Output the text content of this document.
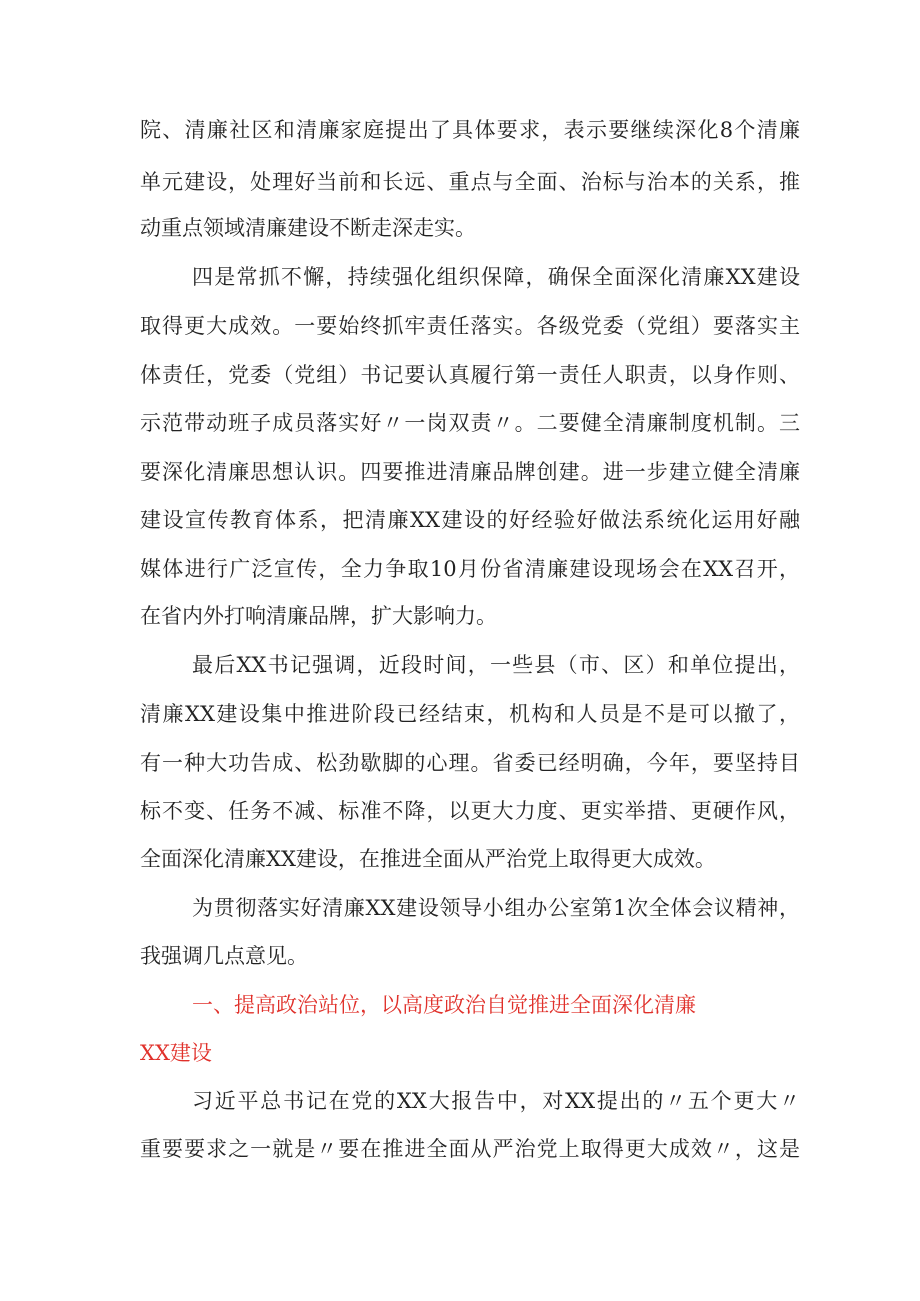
院、清廉社区和清廉家庭提出了具体要求，表示要继续深化8个清廉
单元建设，处理好当前和长远、重点与全面、治标与治本的关系，推
动重点领域清廉建设不断走深走实。
四是常抓不懈，持续强化组织保障，确保全面深化清廉XX建设
取得更大成效。一要始终抓牢责任落实。各级党委（党组）要落实主
体责任，党委（党组）书记要认真履行第一责任人职责，以身作则、
示范带动班子成员落实好〃一岗双责〃。二要健全清廉制度机制。三
要深化清廉思想认识。四要推进清廉品牌创建。进一步建立健全清廉
建设宣传教育体系，把清廉XX建设的好经验好做法系统化运用好融
媒体进行广泛宣传，全力争取10月份省清廉建设现场会在XX召开，
在省内外打响清廉品牌，扩大影响力。
最后XX书记强调，近段时间，一些县（市、区）和单位提出，
清廉XX建设集中推进阶段已经结束，机构和人员是不是可以撤了，
有一种大功告成、松劲歇脚的心理。省委已经明确，今年，要坚持目
标不变、任务不减、标准不降，以更大力度、更实举措、更硬作风，
全面深化清廉XX建设，在推进全面从严治党上取得更大成效。
为贯彻落实好清廉XX建设领导小组办公室第1次全体会议精神，
我强调几点意见。
一、提高政治站位，以高度政治自觉推进全面深化清廉
XX建设
习近平总书记在党的XX大报告中，对XX提出的〃五个更大〃
重要要求之一就是〃要在推进全面从严治党上取得更大成效〃，这是
